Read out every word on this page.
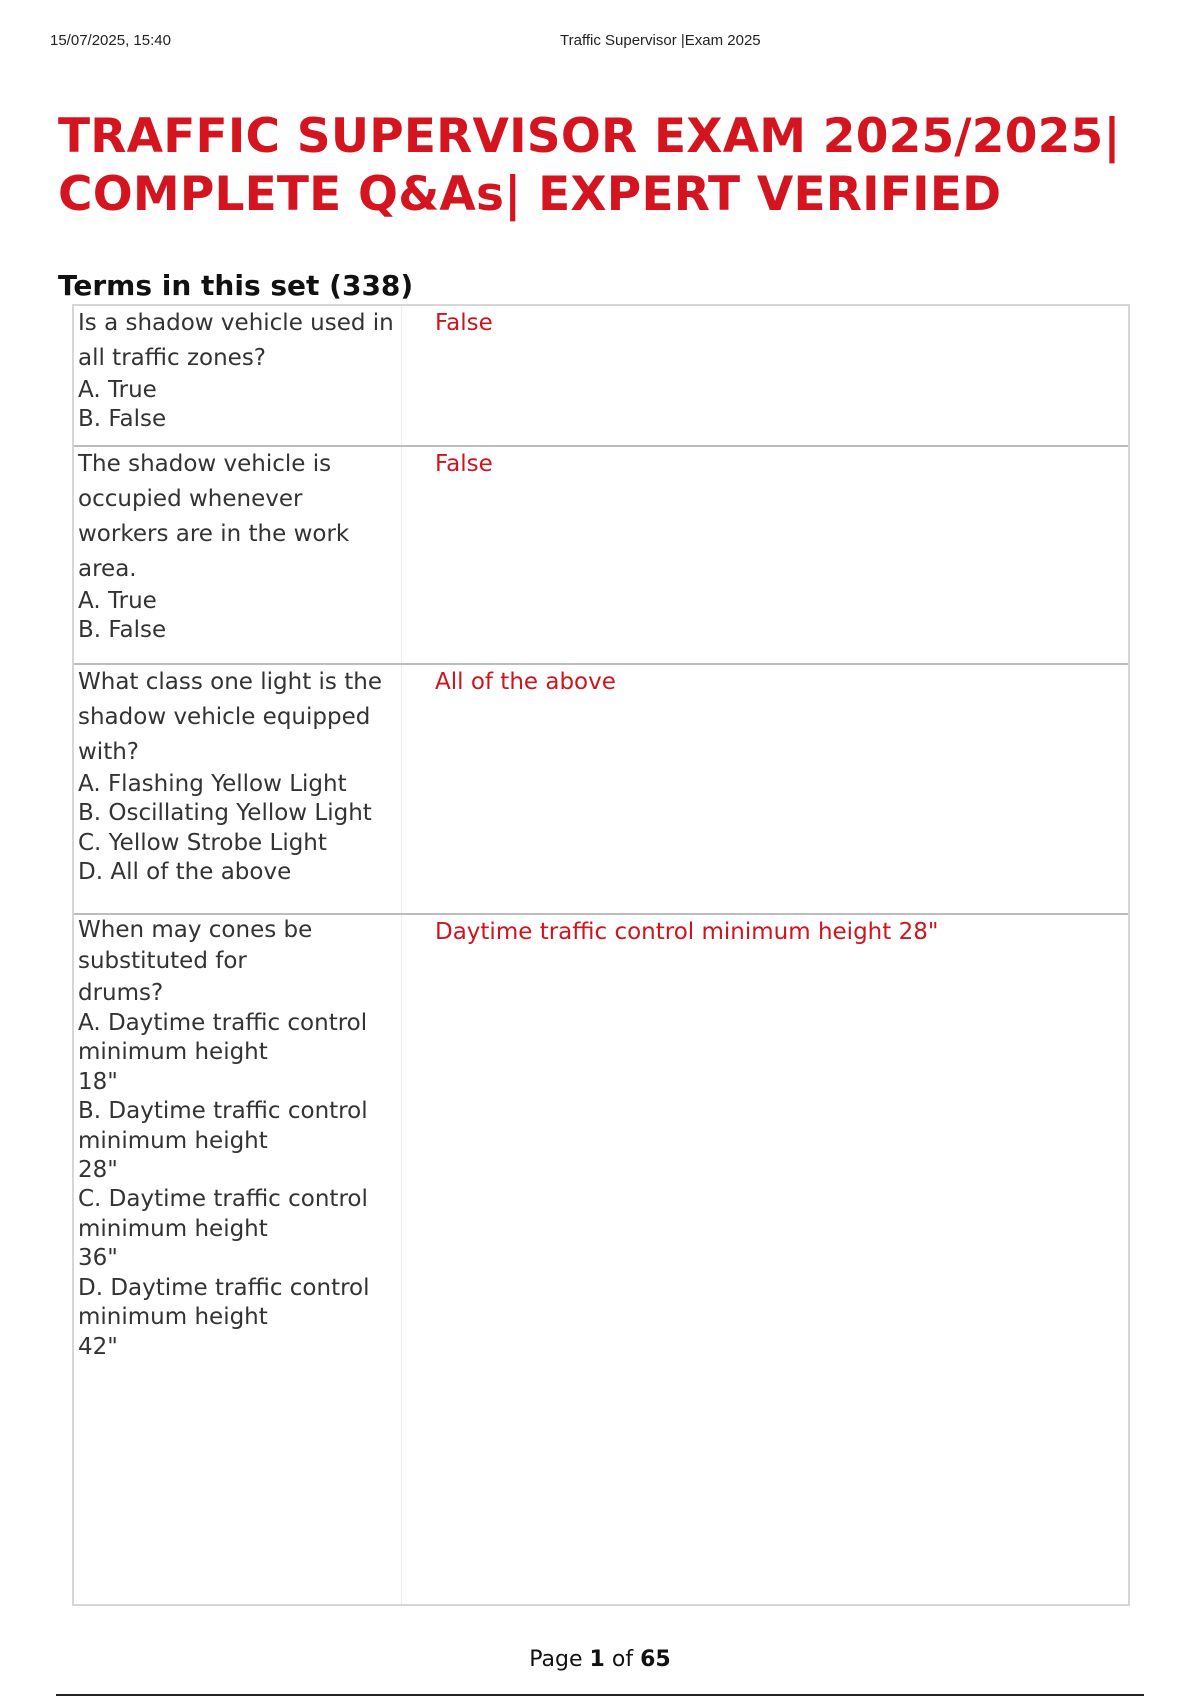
15/07/2025, 15:40	Traffic Supervisor |Exam 2025
TRAFFIC SUPERVISOR EXAM 2025/2025|
COMPLETE Q&As| EXPERT VERIFIED
Terms in this set (338)
Is a shadow vehicle used in
all traffic zones?
A. True
B. False
False
The shadow vehicle is
occupied whenever
workers are in the work
area.
A. True
B. False
False
What class one light is the
shadow vehicle equipped
with?
A. Flashing Yellow Light
B. Oscillating Yellow Light
C. Yellow Strobe Light
D. All of the above
All of the above
When may cones be
substituted for
drums?
A. Daytime traffic control
minimum height
18"
B. Daytime traffic control
minimum height
28"
C. Daytime traffic control
minimum height
36"
D. Daytime traffic control
minimum height
42"
Daytime traffic control minimum height 28"
Page 1 of 65
